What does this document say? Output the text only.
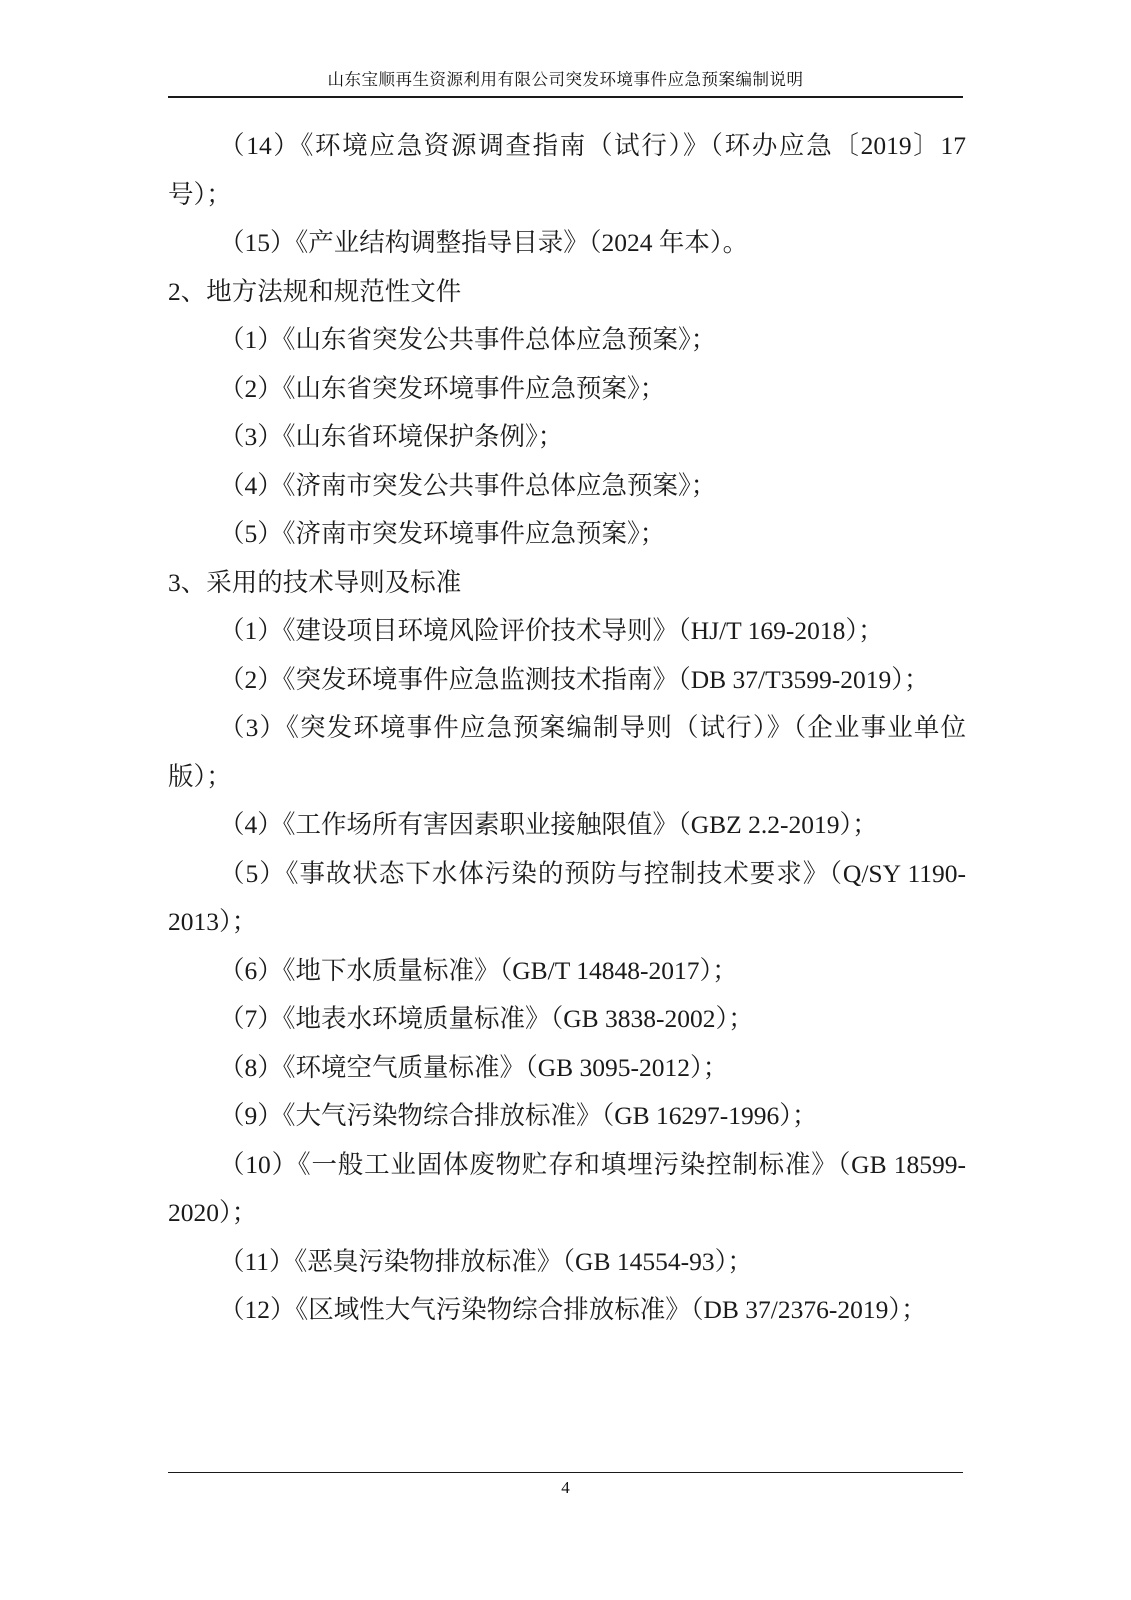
山东宝顺再生资源利用有限公司突发环境事件应急预案编制说明

（14）《环境应急资源调查指南（试行）》（环办应急〔2019〕17 号）；

（15）《产业结构调整指导目录》（2024 年本）。

2、地方法规和规范性文件

（1）《山东省突发公共事件总体应急预案》；

（2）《山东省突发环境事件应急预案》；

（3）《山东省环境保护条例》；

（4）《济南市突发公共事件总体应急预案》；

（5）《济南市突发环境事件应急预案》；

3、采用的技术导则及标准

（1）《建设项目环境风险评价技术导则》（HJ/T 169-2018）；

（2）《突发环境事件应急监测技术指南》（DB 37/T3599-2019）；

（3）《突发环境事件应急预案编制导则（试行）》（企业事业单位版）；

（4）《工作场所有害因素职业接触限值》（GBZ 2.2-2019）；

（5）《事故状态下水体污染的预防与控制技术要求》（Q/SY 1190-2013）；

（6）《地下水质量标准》（GB/T 14848-2017）；

（7）《地表水环境质量标准》（GB 3838-2002）；

（8）《环境空气质量标准》（GB 3095-2012）；

（9）《大气污染物综合排放标准》（GB 16297-1996）；

（10）《一般工业固体废物贮存和填埋污染控制标准》（GB 18599-2020）；

（11）《恶臭污染物排放标准》（GB 14554-93）；

（12）《区域性大气污染物综合排放标准》（DB 37/2376-2019）；

4
